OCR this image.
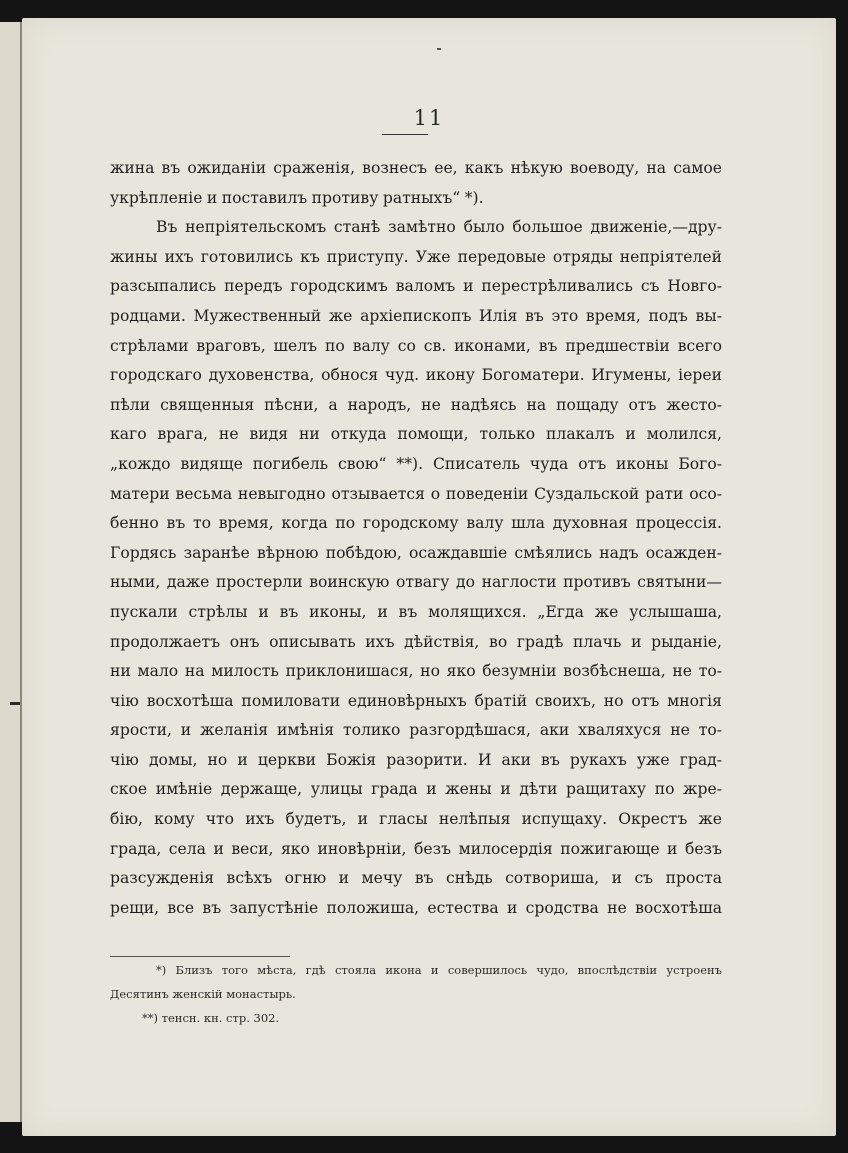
11
жина въ ожиданіи сраженія, вознесъ ее, какъ нѣкую воеводу, на самое
укрѣпленіе и поставилъ противу ратныхъ“ *).
Въ непріятельскомъ станѣ замѣтно было большое движеніе,—дру-
жины ихъ готовились къ приступу. Уже передовые отряды непріятелей
разсыпались передъ городскимъ валомъ и перестрѣливались съ Новго-
родцами. Мужественный же архіепископъ Илія въ это время, подъ вы-
стрѣлами враговъ, шелъ по валу со св. иконами, въ предшествіи всего
городскаго духовенства, обнося чуд. икону Богоматери. Игумены, іереи
пѣли священныя пѣсни, а народъ, не надѣясь на пощаду отъ жесто-
каго врага, не видя ни откуда помощи, только плакалъ и молился,
„кождо видяще погибель свою“ **). Списатель чуда отъ иконы Бого-
матери весьма невыгодно отзывается о поведеніи Суздальской рати осо-
бенно въ то время, когда по городскому валу шла духовная процессія.
Гордясь заранѣе вѣрною побѣдою, осаждавшіе смѣялись надъ осажден-
ными, даже простерли воинскую отвагу до наглости противъ святыни—
пускали стрѣлы и въ иконы, и въ молящихся. „Егда же услышаша,
продолжаетъ онъ описывать ихъ дѣйствія, во градѣ плачь и рыданіе,
ни мало на милость приклонишася, но яко безумніи возбѣснеша, не то-
чію восхотѣша помиловати единовѣрныхъ братій своихъ, но отъ многія
ярости, и желанія имѣнія толико разгордѣшася, аки хваляхуся не то-
чію домы, но и церкви Божія разорити. И аки въ рукахъ уже град-
ское имѣніе держаще, улицы града и жены и дѣти ращитаху по жре-
бію, кому что ихъ будетъ, и гласы нелѣпыя испущаху. Окрестъ же
града, села и веси, яко иновѣрніи, безъ милосердія пожигающе и безъ
разсужденія всѣхъ огню и мечу въ снѣдь сотвориша, и съ проста
рещи, все въ запустѣніе положиша, естества и сродства не восхотѣша
*) Близъ того мѣста, гдѣ стояла икона и совершилось чудо, впослѣдствіи устроенъ
Десятинъ женскій монастырь.
**) тенсн. кн. стр. 302.
